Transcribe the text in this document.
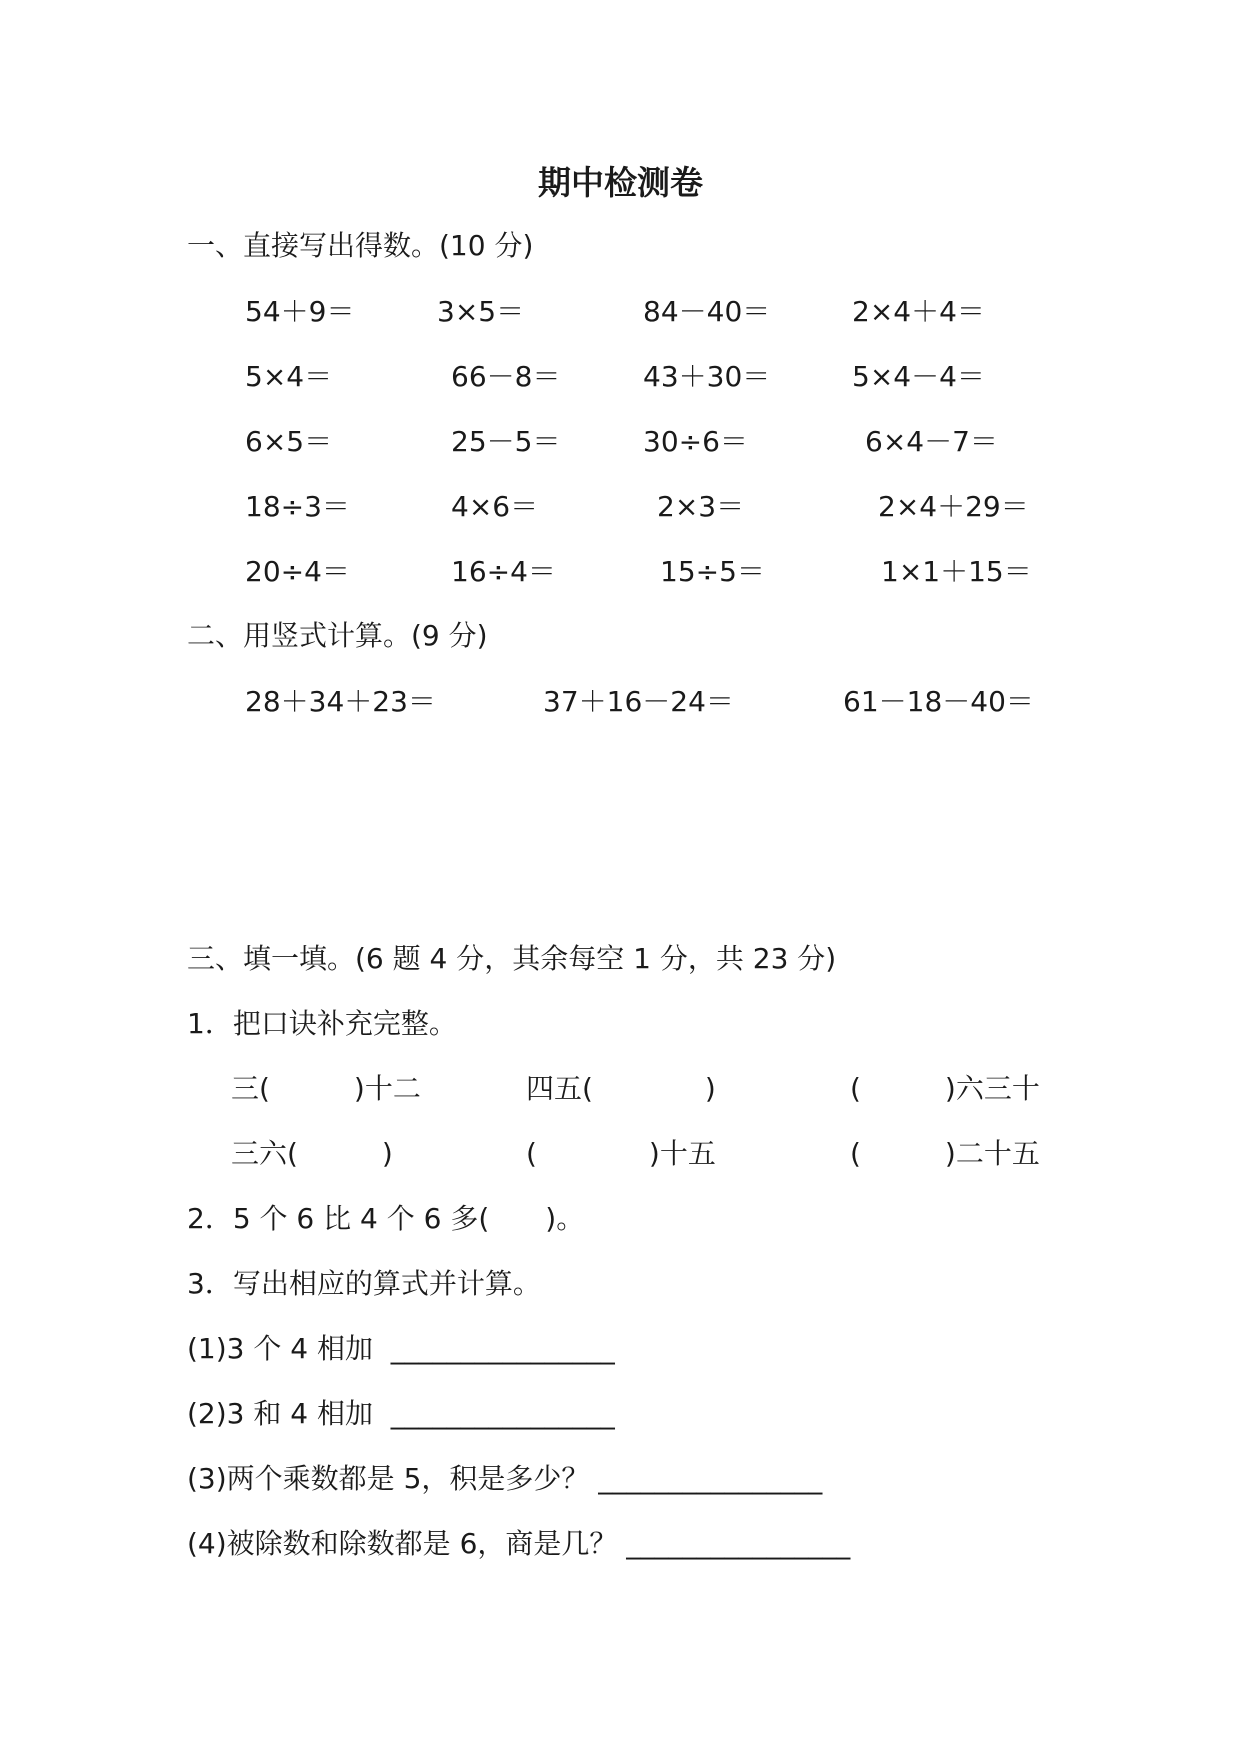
期中检测卷
一、直接写出得数。(10 分)
54＋9＝	3×5＝	84－40＝	2×4＋4＝
5×4＝	66－8＝	43＋30＝	5×4－4＝
6×5＝	25－5＝	30÷6＝	6×4－7＝
18÷3＝	4×6＝	2×3＝	2×4＋29＝
20÷4＝	16÷4＝	15÷5＝	1×1＋15＝
二、用竖式计算。(9 分)
28＋34＋23＝	37＋16－24＝	61－18－40＝
三、填一填。(6 题 4 分，其余每空 1 分，共 23 分)
1．把口诀补充完整。
三(　　　)十二	四五(　　　　)	(　　　)六三十
三六(　　　)	(　　　　)十五	(　　　)二十五
2．5 个 6 比 4 个 6 多(　　)。
3．写出相应的算式并计算。
(1)3 个 4 相加  ________________
(2)3 和 4 相加  ________________
(3)两个乘数都是 5，积是多少？ ________________
(4)被除数和除数都是 6，商是几？ ________________
